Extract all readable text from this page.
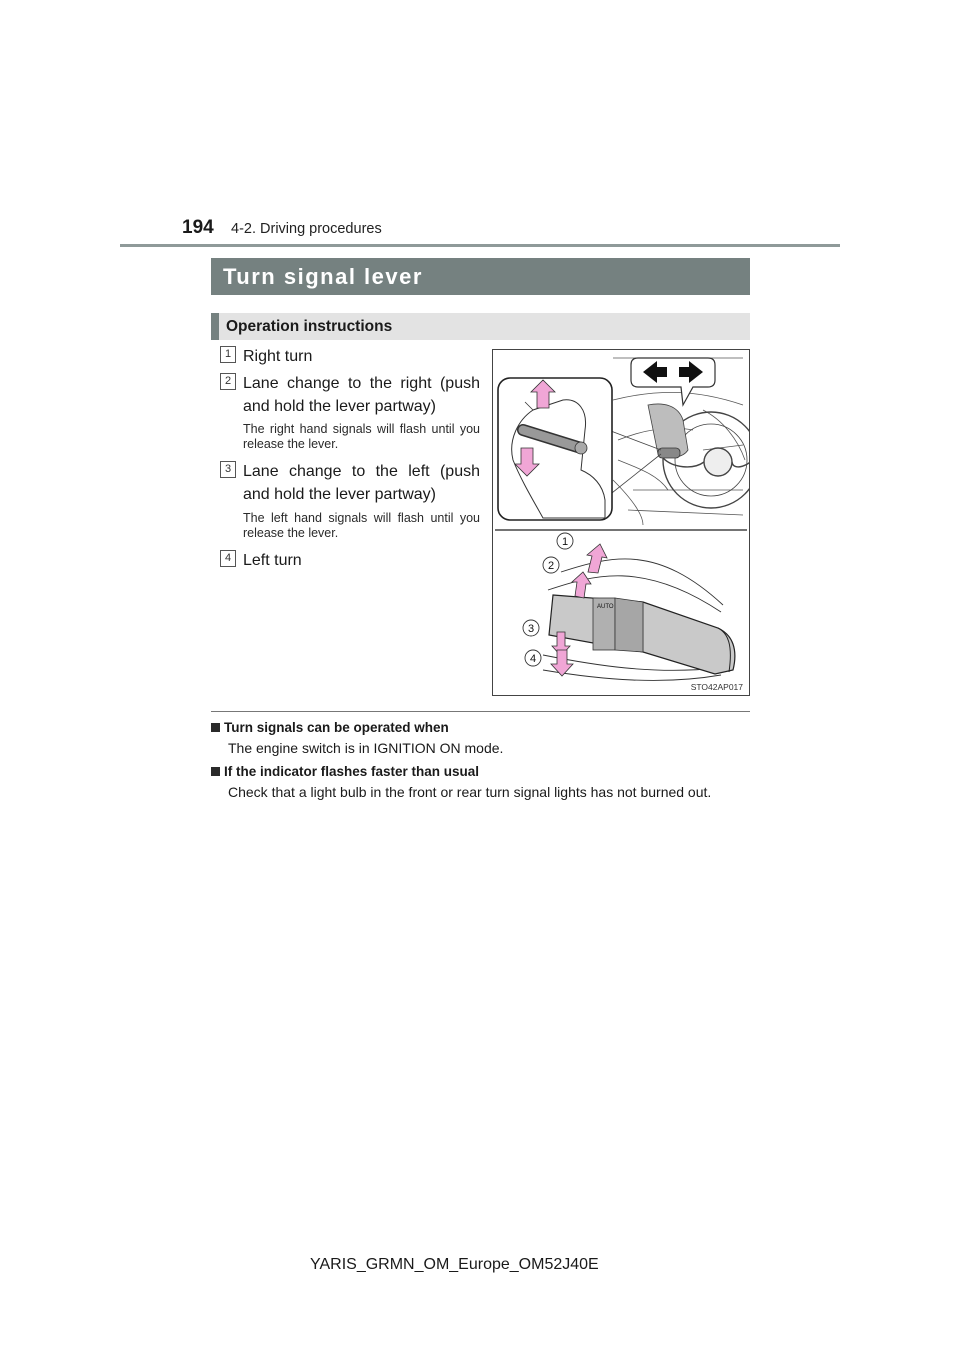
194 4-2. Driving procedures
Turn signal lever
Operation instructions
1 Right turn
2 Lane change to the right (push and hold the lever partway)
The right hand signals will flash until you release the lever.
3 Lane change to the left (push and hold the lever partway)
The left hand signals will flash until you release the lever.
4 Left turn
AUTO
1
2
3
4
STO42AP017
Turn signals can be operated when
The engine switch is in IGNITION ON mode.
If the indicator flashes faster than usual
Check that a light bulb in the front or rear turn signal lights has not burned out.
YARIS_GRMN_OM_Europe_OM52J40E
